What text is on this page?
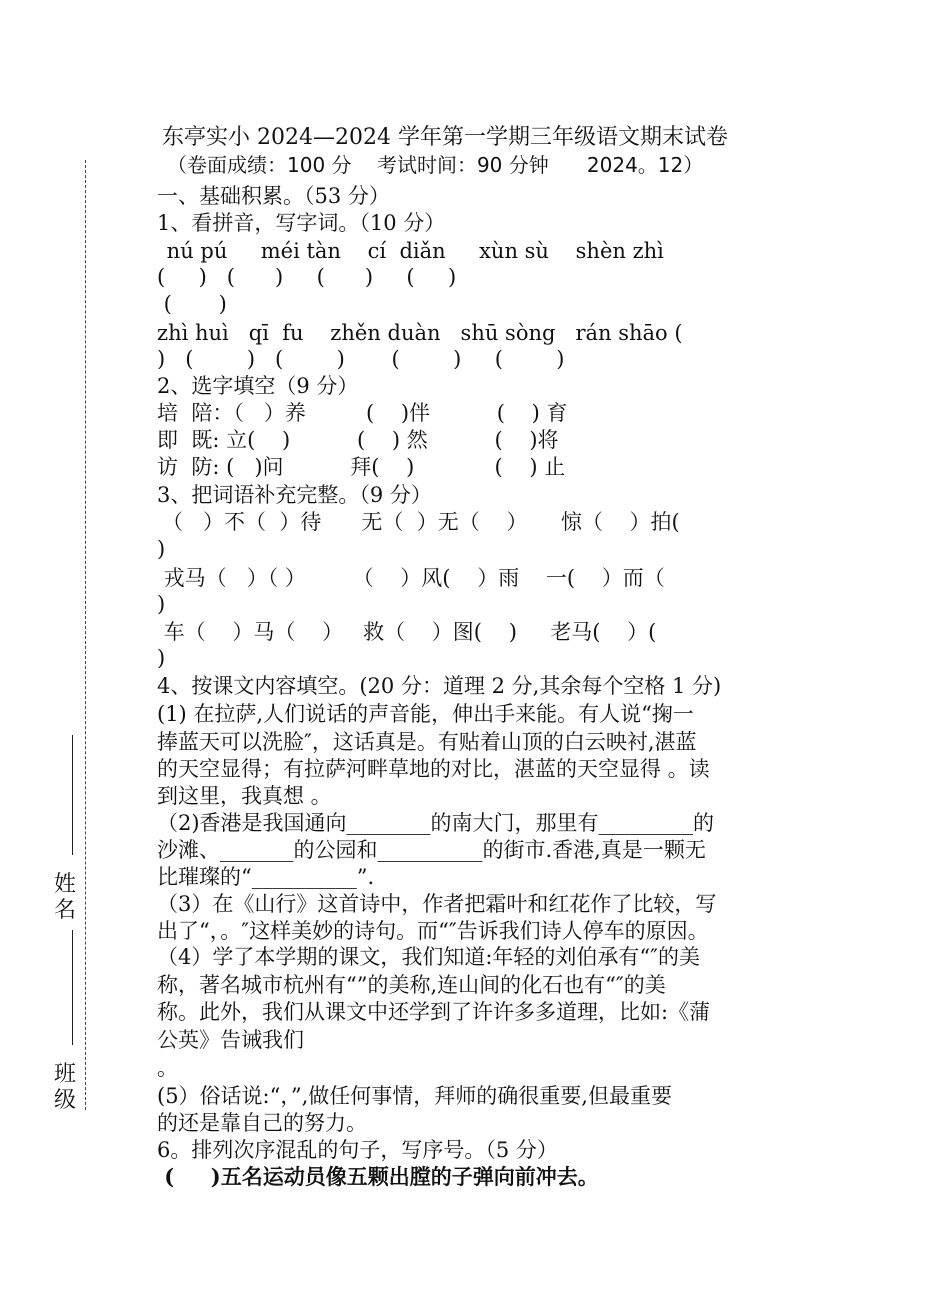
姓
名
班
级
东亭实小 2024—2024 学年第一学期三年级语文期末试卷
（卷面成绩：100 分    考试时间：90 分钟      2024。12）
一、基础积累。（53 分）
1、看拼音，写字词。（10 分）
nú pú     méi tàn    cí  diǎn     xùn sù    shèn zhì
(     )   (      )     (      )     (     )
(       )
zhì huì   qī  fu    zhěn duàn   shū sòng   rán shāo (
)   (        )   (        )       (        )     (        )
2、选字填空（9 分）
培  陪：（   ）养         (    )伴          (    ) 育
即  既: 立(    )          (    ) 然          (    )将
访  防: (   )问          拜(    )            (    ) 止
3、把词语补充完整。（9 分）
（   ）不（  ）待      无（  ）无（    ）     惊（    ）拍(
)
戎马（   ）（ ）       （    ）风(    ）雨    一(    ）而（
)
车（    ）马（    ）   救（    ）图(    )     老马(    ）(
)
4、按课文内容填空。(20 分：道理 2 分,其余每个空格 1 分)
(1) 在拉萨,人们说话的声音能，伸出手来能。有人说“掬一
捧蓝天可以洗脸″，这话真是。有贴着山顶的白云映衬,湛蓝
的天空显得；有拉萨河畔草地的对比，湛蓝的天空显得 。读
到这里，我真想 。
（2)香港是我国通向________的南大门，那里有_________的
沙滩、_______的公园和__________的街市.香港,真是一颗无
比璀璨的“__________”.
（3）在《山行》这首诗中，作者把霜叶和红花作了比较，写
出了“，。″这样美妙的诗句。而“″告诉我们诗人停车的原因。
（4）学了本学期的课文，我们知道:年轻的刘伯承有“″的美
称，著名城市杭州有“”的美称,连山间的化石也有“″的美
称。此外，我们从课文中还学到了许许多多道理，比如:《蒲
公英》告诫我们
。
(5）俗话说:“，”,做任何事情，拜师的确很重要,但最重要
的还是靠自己的努力。
6。排列次序混乱的句子，写序号。（5 分）
(     )五名运动员像五颗出膛的子弹向前冲去。
